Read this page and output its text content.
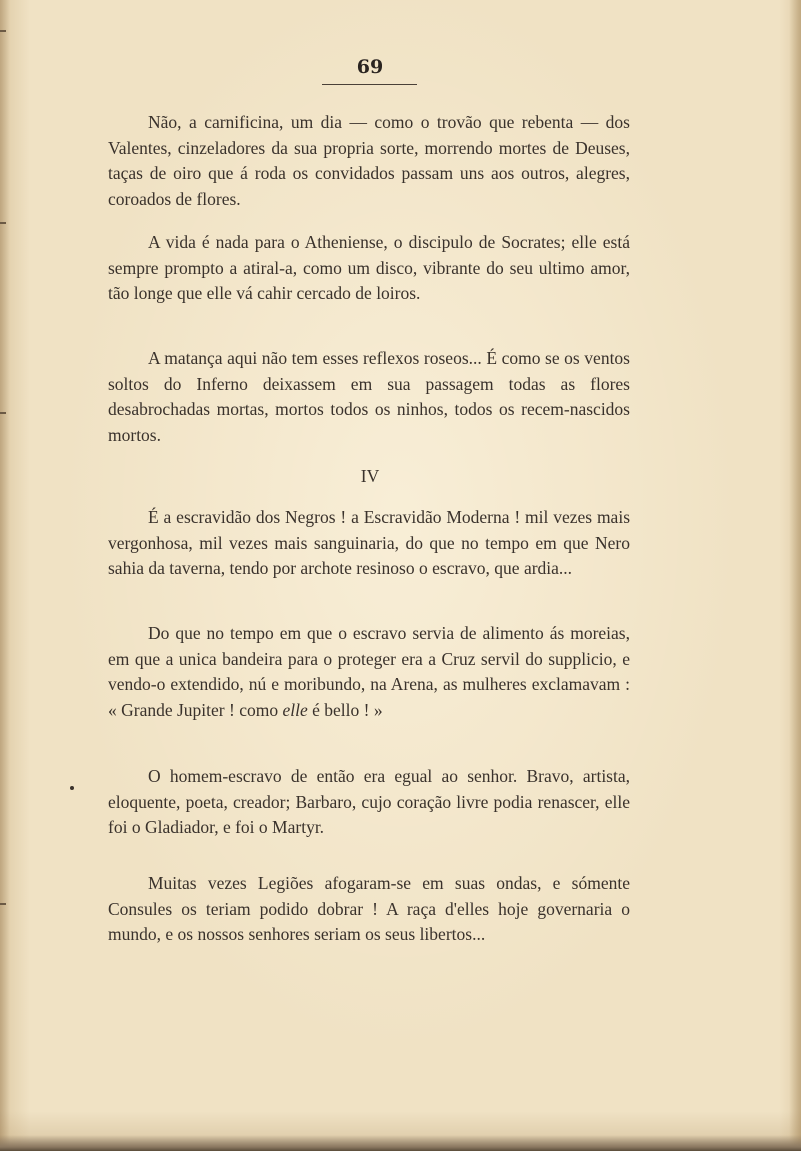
69

Não, a carnificina, um dia — como o trovão que rebenta — dos Valentes, cinzeladores da sua propria sorte, morrendo mortes de Deuses, taças de oiro que á roda os convidados passam uns aos outros, alegres, coroados de flores.

A vida é nada para o Atheniense, o discipulo de Socrates; elle está sempre prompto a atiral-a, como um disco, vibrante do seu ultimo amor, tão longe que elle vá cahir cercado de loiros.

A matança aqui não tem esses reflexos roseos... É como se os ventos soltos do Inferno deixassem em sua passagem todas as flores desabrochadas mortas, mortos todos os ninhos, todos os recem-nascidos mortos.

IV

É a escravidão dos Negros ! a Escravidão Moderna ! mil vezes mais vergonhosa, mil vezes mais sanguinaria, do que no tempo em que Nero sahia da taverna, tendo por archote resinoso o escravo, que ardia...

Do que no tempo em que o escravo servia de alimento ás moreias, em que a unica bandeira para o proteger era a Cruz servil do supplicio, e vendo-o extendido, nú e moribundo, na Arena, as mulheres exclamavam : « Grande Jupiter ! como elle é bello ! »

O homem-escravo de então era egual ao senhor. Bravo, artista, eloquente, poeta, creador; Barbaro, cujo coração livre podia renascer, elle foi o Gladiador, e foi o Martyr.

Muitas vezes Legiões afogaram-se em suas ondas, e sómente Consules os teriam podido dobrar ! A raça d'elles hoje governaria o mundo, e os nossos senhores seriam os seus libertos...
